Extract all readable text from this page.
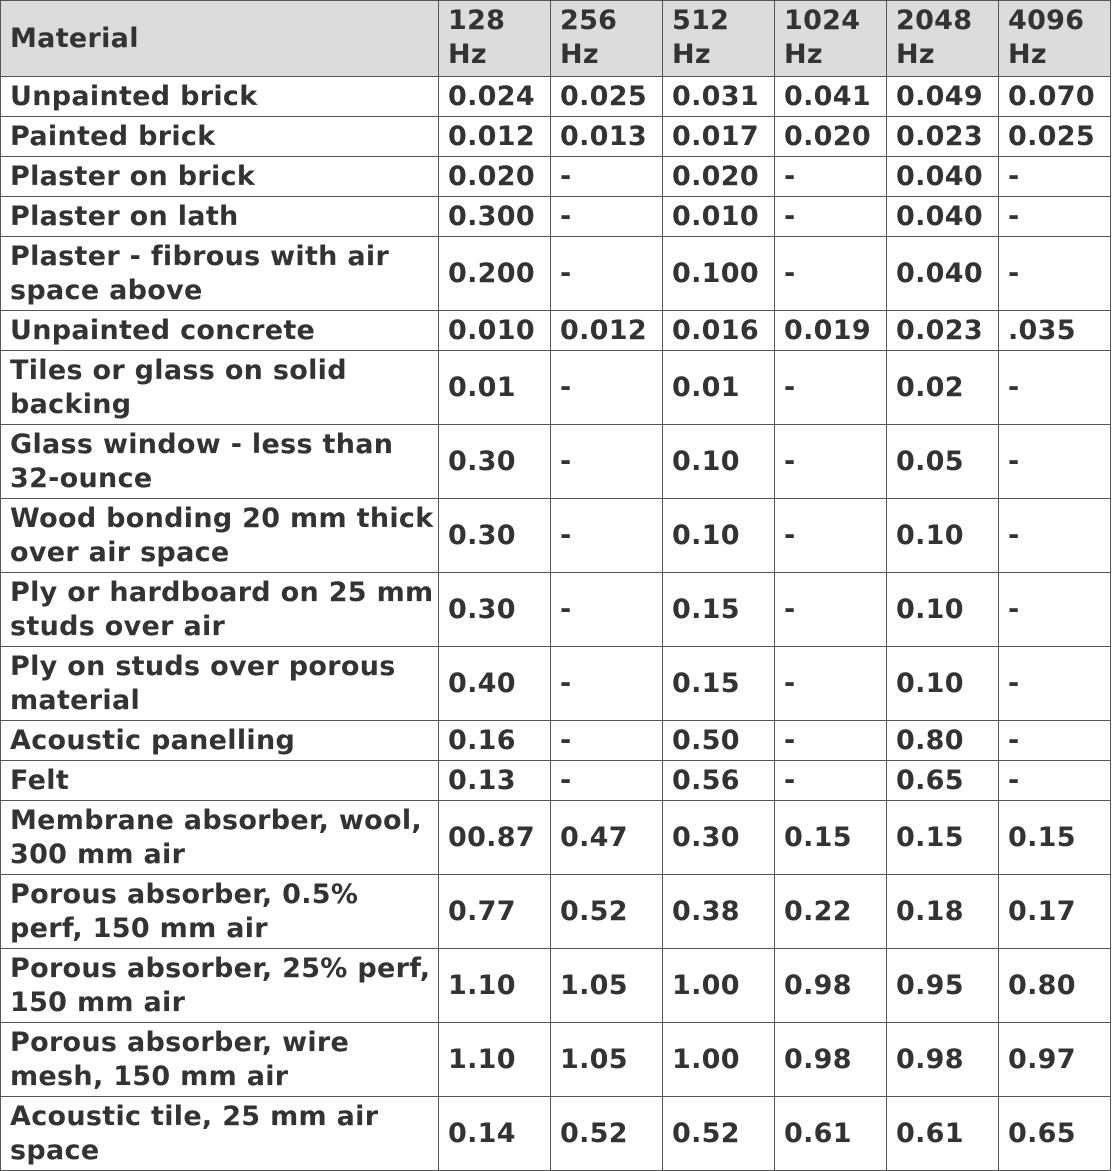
Material	128 Hz	256 Hz	512 Hz	1024 Hz	2048 Hz	4096 Hz
Unpainted brick	0.024	0.025	0.031	0.041	0.049	0.070
Painted brick	0.012	0.013	0.017	0.020	0.023	0.025
Plaster on brick	0.020	-	0.020	-	0.040	-
Plaster on lath	0.300	-	0.010	-	0.040	-
Plaster - fibrous with air space above	0.200	-	0.100	-	0.040	-
Unpainted concrete	0.010	0.012	0.016	0.019	0.023	.035
Tiles or glass on solid backing	0.01	-	0.01	-	0.02	-
Glass window - less than 32-ounce	0.30	-	0.10	-	0.05	-
Wood bonding 20 mm thick over air space	0.30	-	0.10	-	0.10	-
Ply or hardboard on 25 mm studs over air	0.30	-	0.15	-	0.10	-
Ply on studs over porous material	0.40	-	0.15	-	0.10	-
Acoustic panelling	0.16	-	0.50	-	0.80	-
Felt	0.13	-	0.56	-	0.65	-
Membrane absorber, wool, 300 mm air	00.87	0.47	0.30	0.15	0.15	0.15
Porous absorber, 0.5% perf, 150 mm air	0.77	0.52	0.38	0.22	0.18	0.17
Porous absorber, 25% perf, 150 mm air	1.10	1.05	1.00	0.98	0.95	0.80
Porous absorber, wire mesh, 150 mm air	1.10	1.05	1.00	0.98	0.98	0.97
Acoustic tile, 25 mm air space	0.14	0.52	0.52	0.61	0.61	0.65
